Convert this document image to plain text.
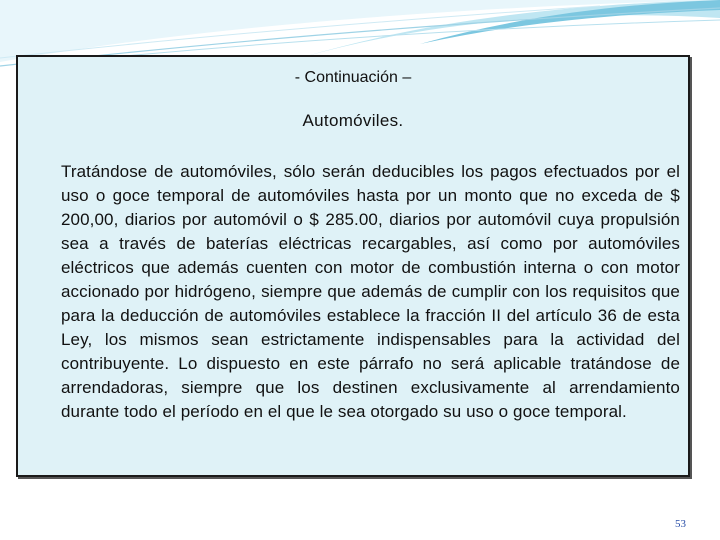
- Continuación –
Automóviles.

Tratándose de automóviles, sólo serán deducibles los pagos efectuados por el uso o goce temporal de automóviles hasta por un monto que no exceda de $ 200,00, diarios por automóvil o $ 285.00, diarios por automóvil cuya propulsión sea a través de baterías eléctricas recargables, así como por automóviles eléctricos que además cuenten con motor de combustión interna o con motor accionado por hidrógeno, siempre que además de cumplir con los requisitos que para la deducción de automóviles establece la fracción II del artículo 36 de esta Ley, los mismos sean estrictamente indispensables para la actividad del contribuyente. Lo dispuesto en este párrafo no será aplicable tratándose de arrendadoras, siempre que los destinen exclusivamente al arrendamiento durante todo el período en el que le sea otorgado su uso o goce temporal.

53
